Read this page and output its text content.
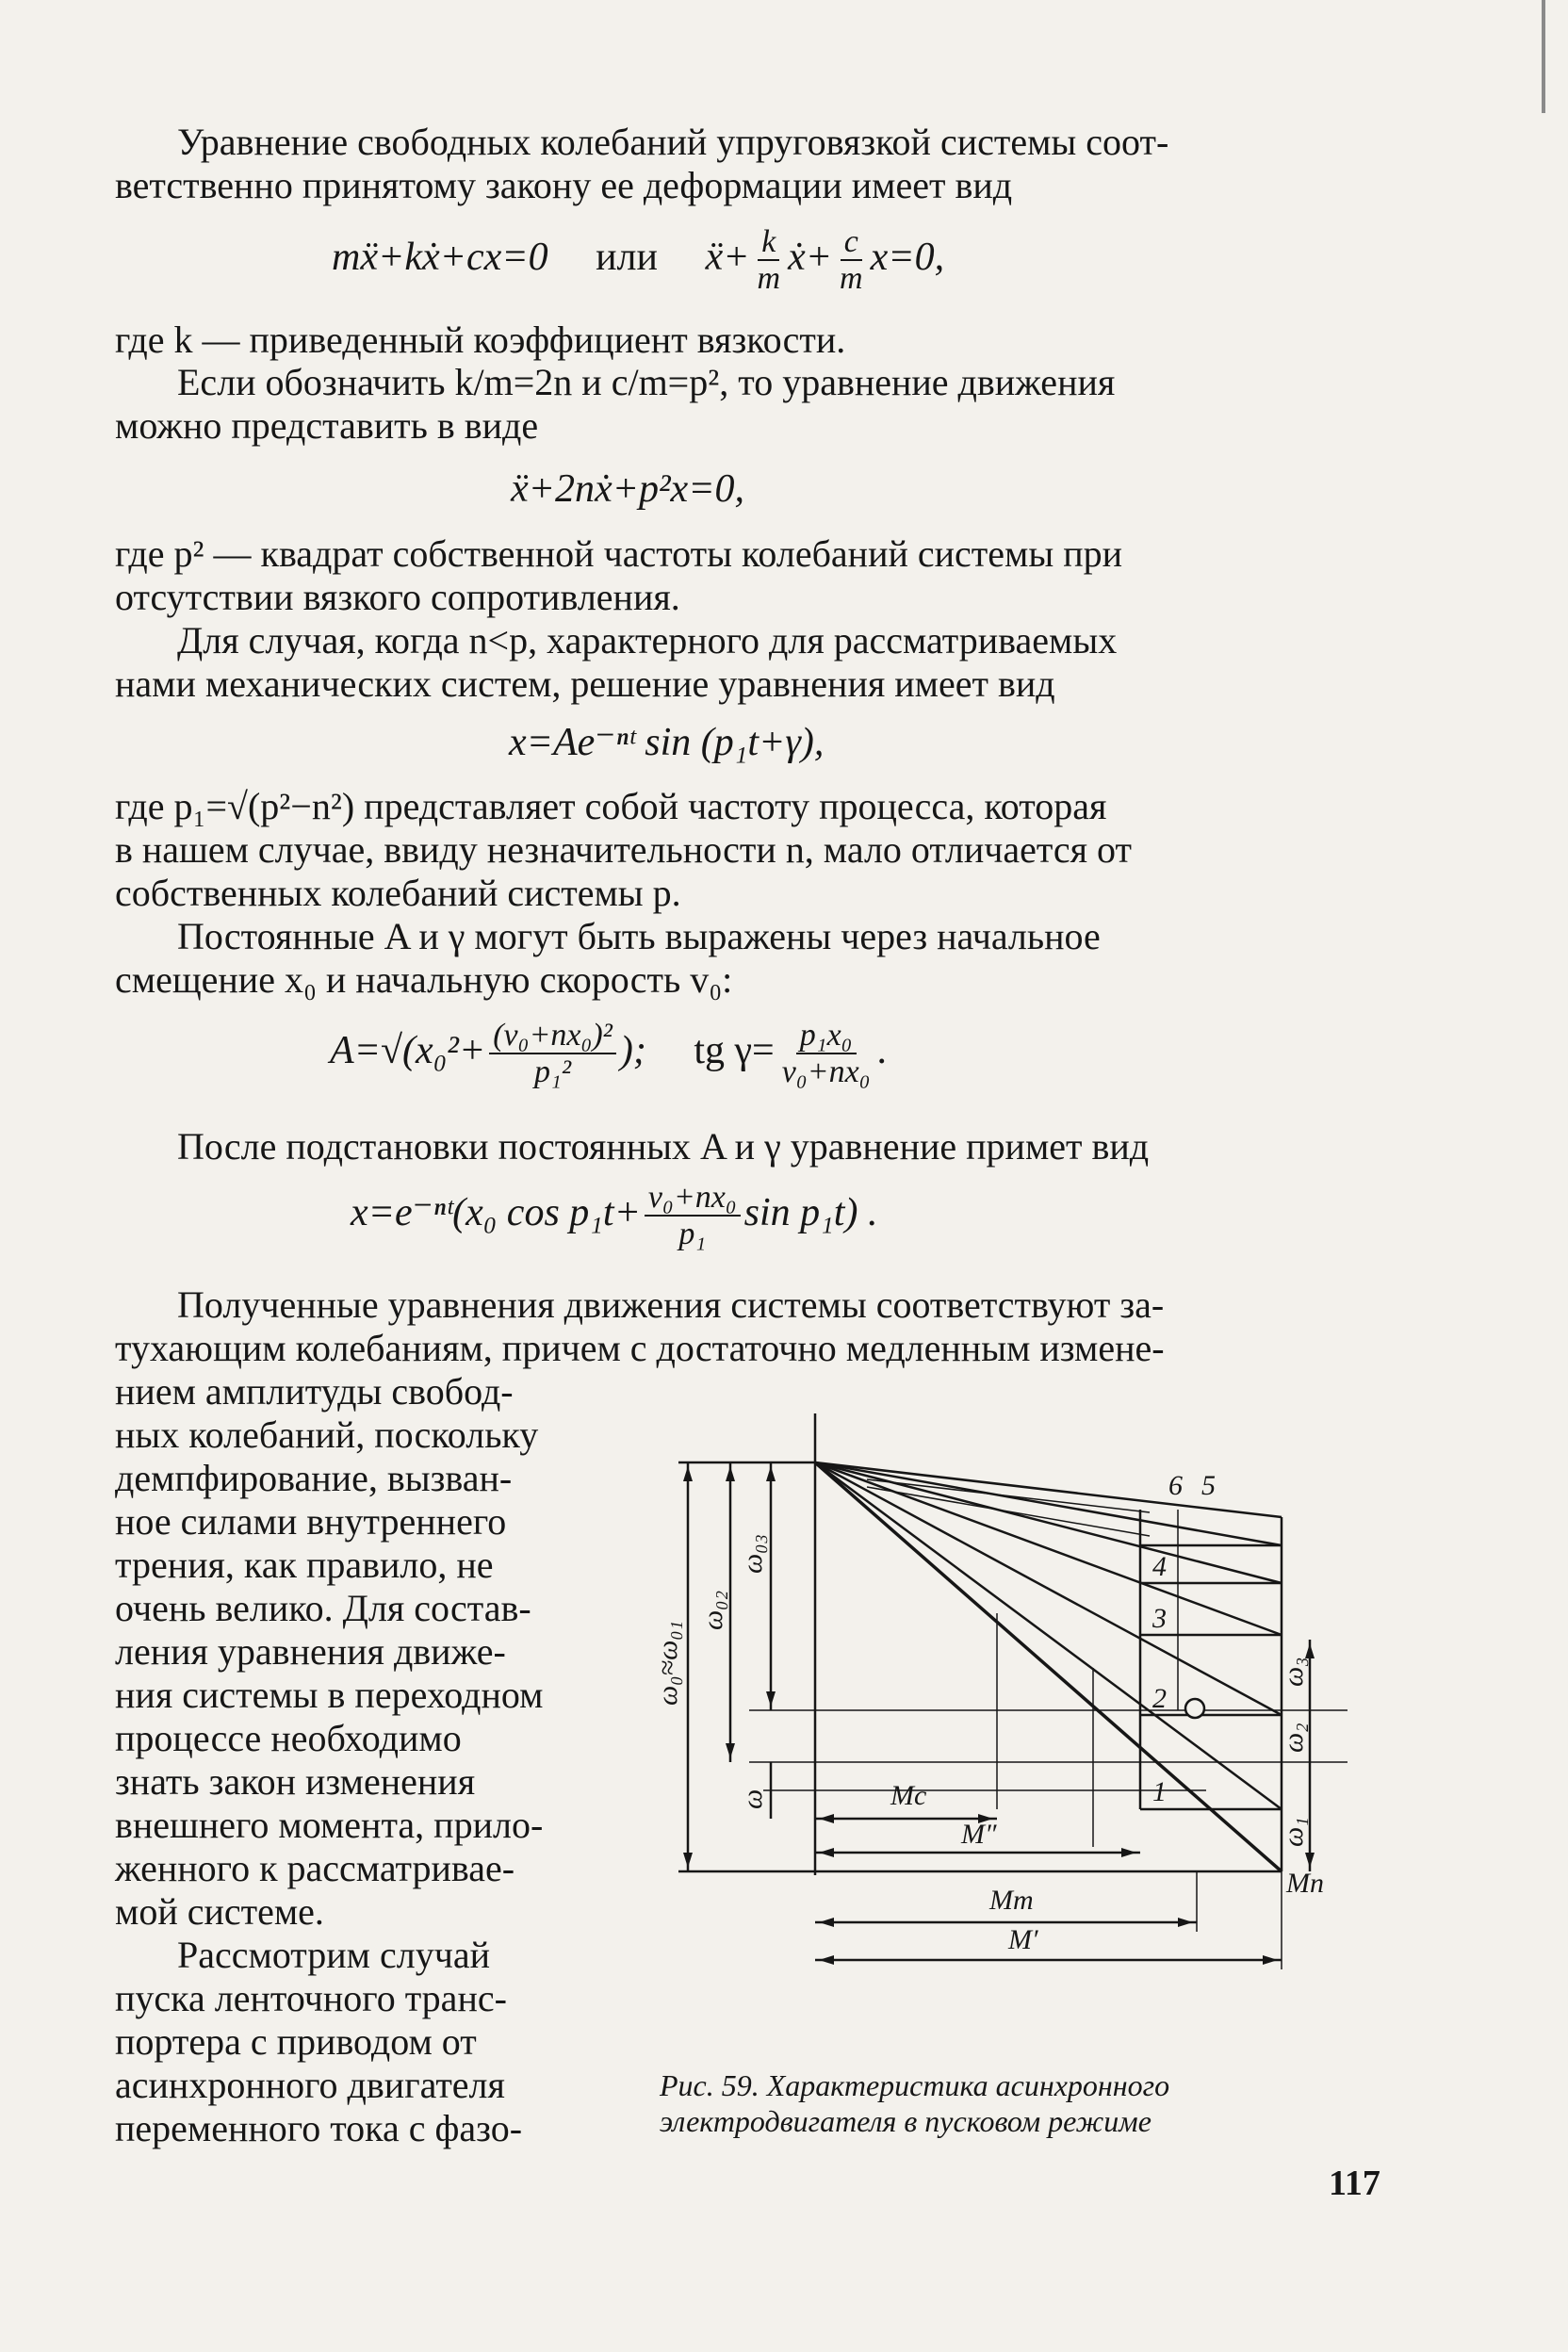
Уравнение свободных колебаний упруговязкой системы соот-
ветственно принятому закону ее деформации имеет вид
mẍ+kẋ+cx=0 или ẍ+ $\frac{k}{m}$ ẋ+ $\frac{c}{m} x=0$,
где k — приведенный коэффициент вязкости.
Если обозначить k/m=2n и c/m=p², то уравнение движения
можно представить в виде
ẍ+2nẋ+p²x=0,
где p² — квадрат собственной частоты колебаний системы при
отсутствии вязкого сопротивления.
Для случая, когда n<p, характерного для рассматриваемых
нами механических систем, решение уравнения имеет вид
x=Ae⁻ⁿᵗ sin (p₁t+γ),
где p₁=√(p²−n²) представляет собой частоту процесса, которая
в нашем случае, ввиду незначительности n, мало отличается от
собственных колебаний системы p.
Постоянные A и γ могут быть выражены через начальное
смещение x₀ и начальную скорость v₀:
$A=√(x_0^2+ \frac{\text{(v₀+nx₀)²}}{\text{p₁²}}$ ); tg $\gamma= \frac{\text{p₁x₀}}{\text{v₀+nx₀}}$ .
После подстановки постоянных A и γ уравнение примет вид
x=e⁻ⁿᵗ(x₀ $\cos p_1t+ \frac{\text{v₀+nx₀}}{\text{p₁}}$ sin p₁t) .
Полученные уравнения движения системы соответствуют за-
тухающим колебаниям, причем с достаточно медленным измене-
нием амплитуды свобод-
ных колебаний, поскольку
демпфирование, вызван-
ное силами внутреннего
трения, как правило, не
очень велико. Для состав-
ления уравнения движе-
ния системы в переходном
процессе необходимо
знать закон изменения
внешнего момента, прило-
женного к рассматривае-
мой системе.
Рассмотрим случай
пуска ленточного транс-
портера с приводом от
асинхронного двигателя
переменного тока с фазо-
ω₀≈ω₀₁
ω₀₂
ω₀₃
ω
ω₃
ω₂
ω₁
Mc
M″
Mm
M′
Mп
1
2
3
4
5
6
Рис. 59. Характеристика асинхронного
электродвигателя в пусковом режиме
117
